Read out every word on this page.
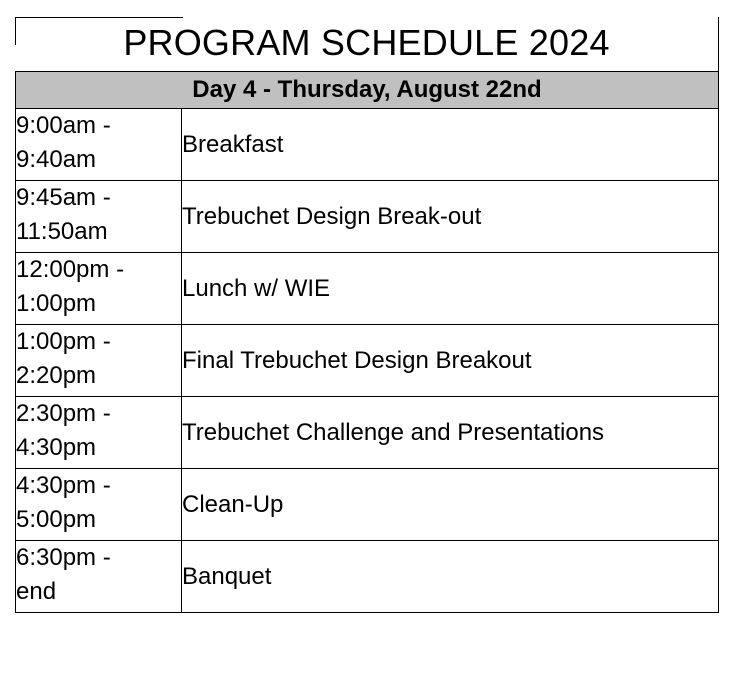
PROGRAM SCHEDULE 2024
Day 4 - Thursday, August 22nd	

9:00am -
9:40am	Breakfast

9:45am -
11:50am	Trebuchet Design Break-out

12:00pm -
1:00pm	Lunch w/ WIE

1:00pm -
2:20pm	Final Trebuchet Design Breakout

2:30pm -
4:30pm	Trebuchet Challenge and Presentations

4:30pm -
5:00pm	Clean-Up

6:30pm -
end	Banquet
